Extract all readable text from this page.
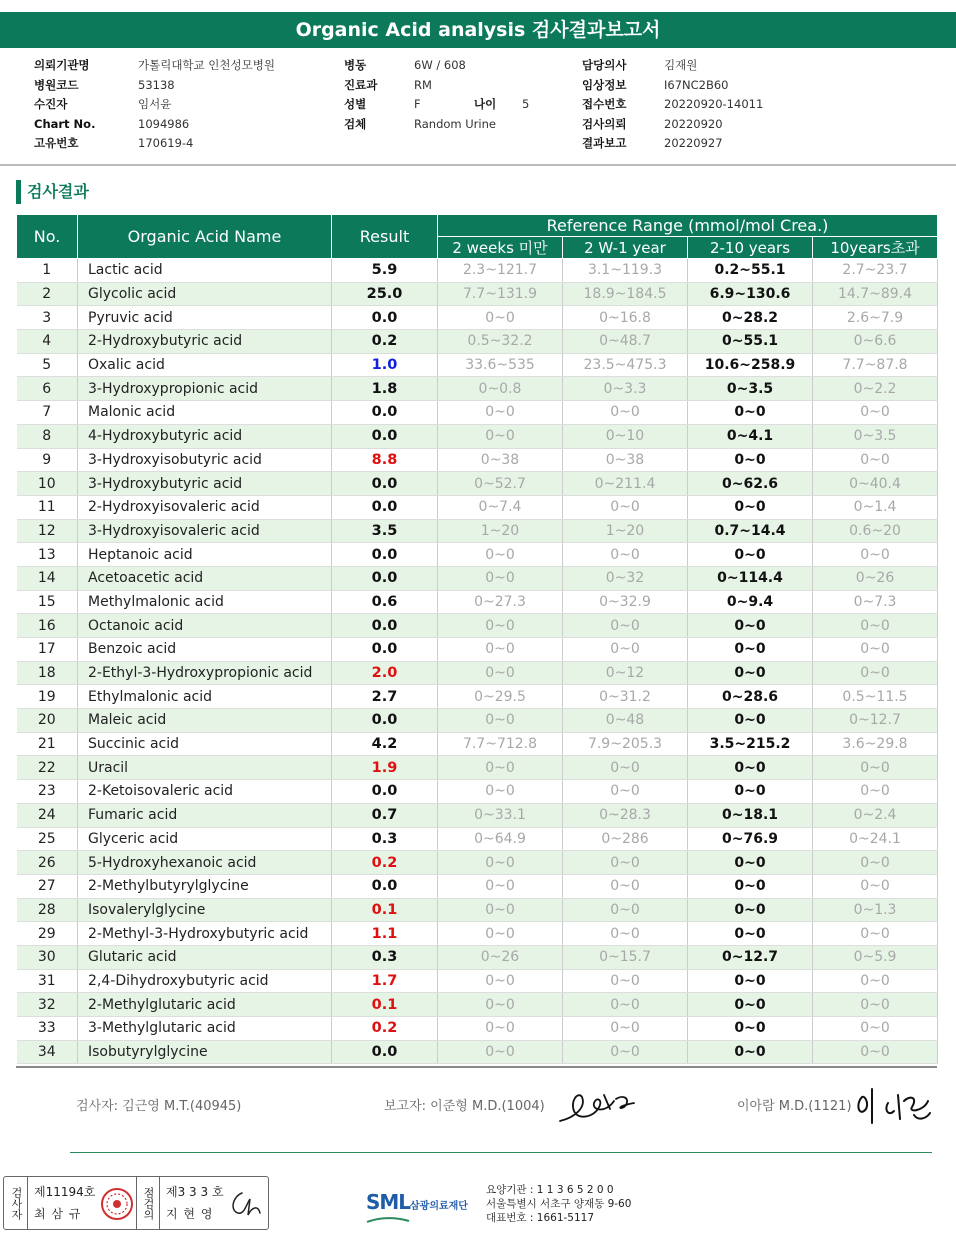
Organic Acid analysis 검사결과보고서
의뢰기관명	가톨릭대학교 인천성모병원
병원코드	53138
수진자	임서윤
Chart No.	1094986
고유번호	170619-4
병동	6W / 608
진료과	RM
성별	F	나이	5
검체	Random Urine
담당의사	김재원
임상정보	I67NC2B60
접수번호	20220920-14011
검사의뢰	20220920
결과보고	20220927
검사결과
No.	Organic Acid Name	Result	Reference Range (mmol/mol Crea.)			
			2 weeks 미만	2 W-1 year	2-10 years	10years초과
1	Lactic acid	5.9	2.3~121.7	3.1~119.3	0.2~55.1	2.7~23.7
2	Glycolic acid	25.0	7.7~131.9	18.9~184.5	6.9~130.6	14.7~89.4
3	Pyruvic acid	0.0	0~0	0~16.8	0~28.2	2.6~7.9
4	2-Hydroxybutyric acid	0.2	0.5~32.2	0~48.7	0~55.1	0~6.6
5	Oxalic acid	1.0	33.6~535	23.5~475.3	10.6~258.9	7.7~87.8
6	3-Hydroxypropionic acid	1.8	0~0.8	0~3.3	0~3.5	0~2.2
7	Malonic acid	0.0	0~0	0~0	0~0	0~0
8	4-Hydroxybutyric acid	0.0	0~0	0~10	0~4.1	0~3.5
9	3-Hydroxyisobutyric acid	8.8	0~38	0~38	0~0	0~0
10	3-Hydroxybutyric acid	0.0	0~52.7	0~211.4	0~62.6	0~40.4
11	2-Hydroxyisovaleric acid	0.0	0~7.4	0~0	0~0	0~1.4
12	3-Hydroxyisovaleric acid	3.5	1~20	1~20	0.7~14.4	0.6~20
13	Heptanoic acid	0.0	0~0	0~0	0~0	0~0
14	Acetoacetic acid	0.0	0~0	0~32	0~114.4	0~26
15	Methylmalonic acid	0.6	0~27.3	0~32.9	0~9.4	0~7.3
16	Octanoic acid	0.0	0~0	0~0	0~0	0~0
17	Benzoic acid	0.0	0~0	0~0	0~0	0~0
18	2-Ethyl-3-Hydroxypropionic acid	2.0	0~0	0~12	0~0	0~0
19	Ethylmalonic acid	2.7	0~29.5	0~31.2	0~28.6	0.5~11.5
20	Maleic acid	0.0	0~0	0~48	0~0	0~12.7
21	Succinic acid	4.2	7.7~712.8	7.9~205.3	3.5~215.2	3.6~29.8
22	Uracil	1.9	0~0	0~0	0~0	0~0
23	2-Ketoisovaleric acid	0.0	0~0	0~0	0~0	0~0
24	Fumaric acid	0.7	0~33.1	0~28.3	0~18.1	0~2.4
25	Glyceric acid	0.3	0~64.9	0~286	0~76.9	0~24.1
26	5-Hydroxyhexanoic acid	0.2	0~0	0~0	0~0	0~0
27	2-Methylbutyrylglycine	0.0	0~0	0~0	0~0	0~0
28	Isovalerylglycine	0.1	0~0	0~0	0~0	0~1.3
29	2-Methyl-3-Hydroxybutyric acid	1.1	0~0	0~0	0~0	0~0
30	Glutaric acid	0.3	0~26	0~15.7	0~12.7	0~5.9
31	2,4-Dihydroxybutyric acid	1.7	0~0	0~0	0~0	0~0
32	2-Methylglutaric acid	0.1	0~0	0~0	0~0	0~0
33	3-Methylglutaric acid	0.2	0~0	0~0	0~0	0~0
34	Isobutyrylglycine	0.0	0~0	0~0	0~0	0~0
검사자: 김근영 M.T.(40945)	보고자: 이준형 M.D.(1004)	이아람 M.D.(1121)
검사자 제11194호
최 삼 규	점검의 제3 3 3 호
지 현 영	SML 삼광의료재단
요양기관 : 1 1 3 6 5 2 0 0
서울특별시 서초구 양재동 9-60
대표번호 : 1661-5117
